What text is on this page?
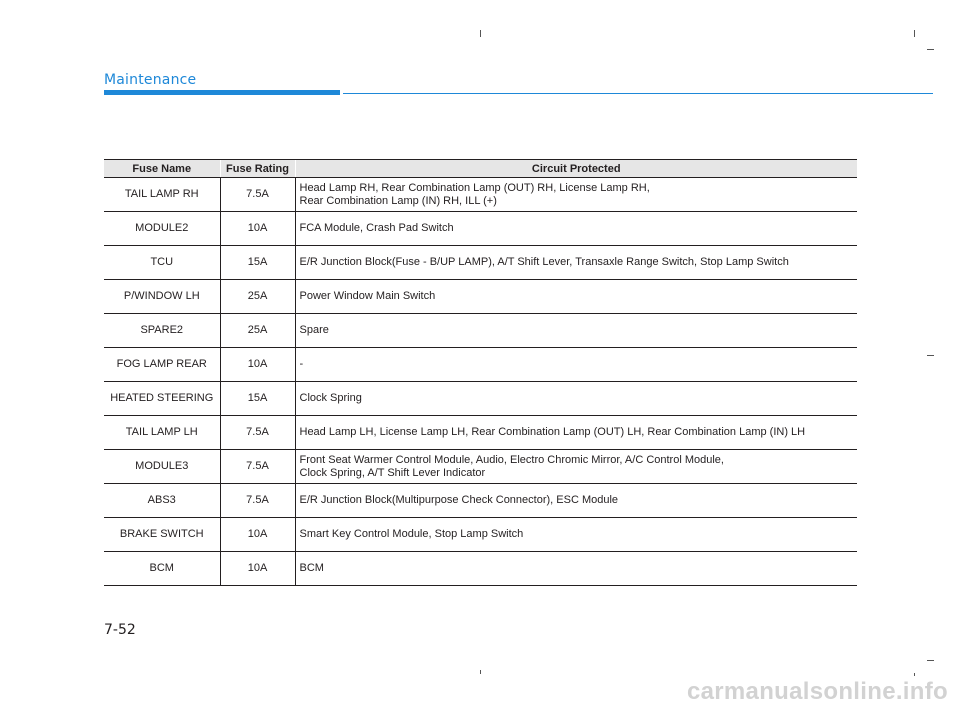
Maintenance
Fuse Name	Fuse Rating	Circuit Protected
TAIL LAMP RH	7.5A	Head Lamp RH, Rear Combination Lamp (OUT) RH, License Lamp RH,
Rear Combination Lamp (IN) RH, ILL (+)

MODULE2	10A	FCA Module, Crash Pad Switch

TCU	15A	E/R Junction Block(Fuse - B/UP LAMP), A/T Shift Lever, Transaxle Range Switch, Stop Lamp Switch

P/WINDOW LH	25A	Power Window Main Switch

SPARE2	25A	Spare

FOG LAMP REAR	10A	-

HEATED STEERING	15A	Clock Spring

TAIL LAMP LH	7.5A	Head Lamp LH, License Lamp LH, Rear Combination Lamp (OUT) LH, Rear Combination Lamp (IN) LH

MODULE3	7.5A	Front Seat Warmer Control Module, Audio, Electro Chromic Mirror, A/C Control Module,
Clock Spring, A/T Shift Lever Indicator

ABS3	7.5A	E/R Junction Block(Multipurpose Check Connector), ESC Module

BRAKE SWITCH	10A	Smart Key Control Module, Stop Lamp Switch

BCM	10A	BCM
7-52
carmanualsonline.info
